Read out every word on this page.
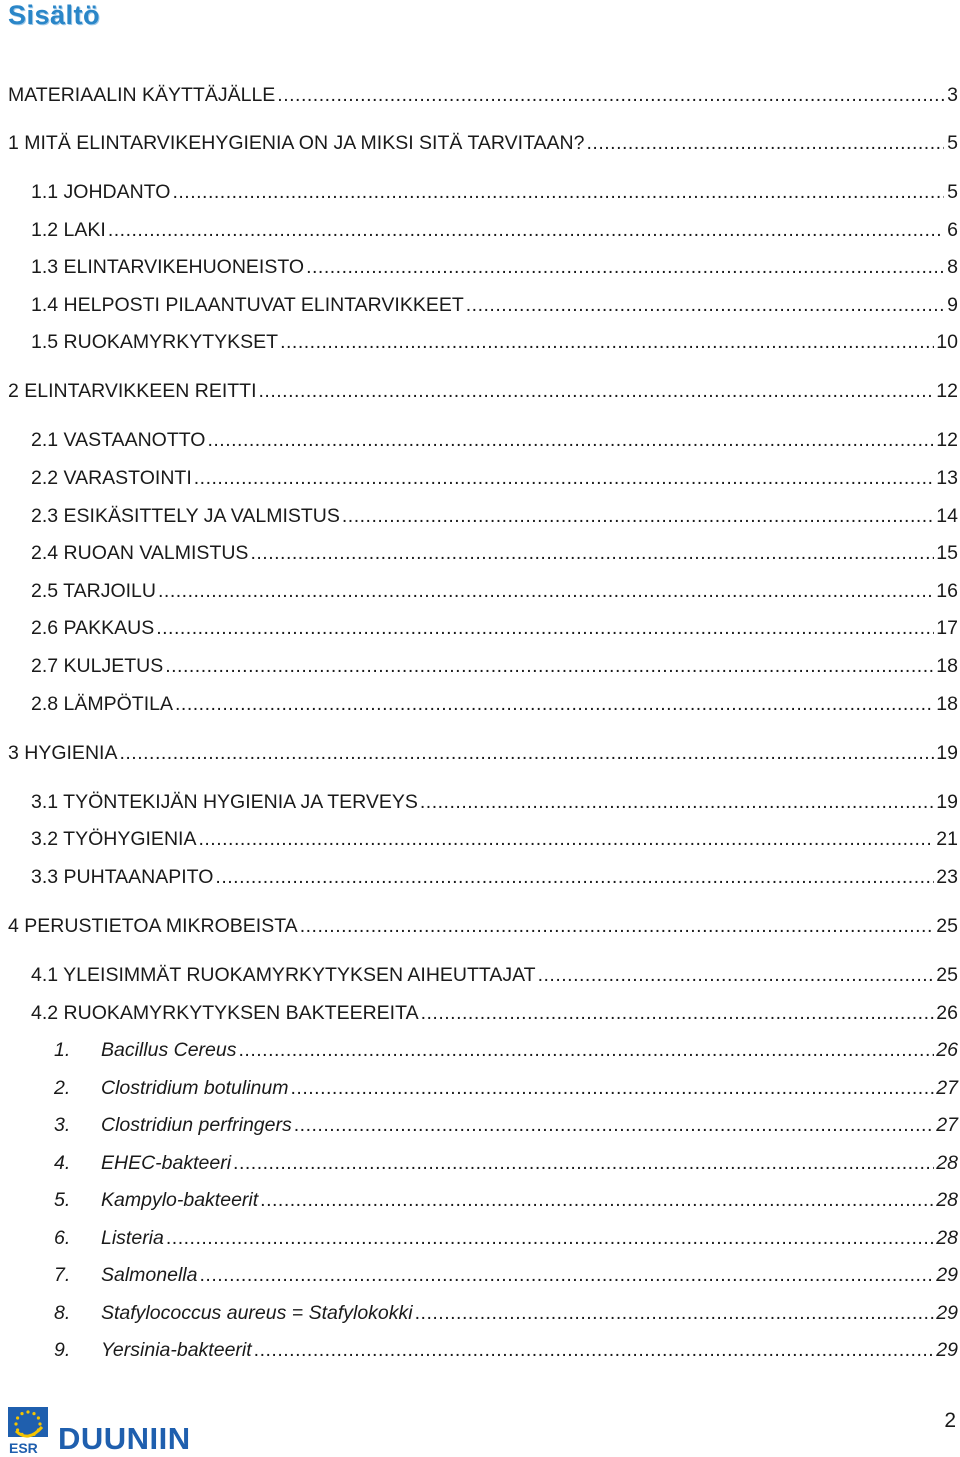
Sisältö
MATERIAALIN KÄYTTÄJÄLLE .....	3
1 MITÄ ELINTARVIKEHYGIENIA ON JA MIKSI SITÄ TARVITAAN? .....	5
1.1 JOHDANTO .....	5
1.2 LAKI .....	6
1.3 ELINTARVIKEHUONEISTO .....	8
1.4 HELPOSTI PILAANTUVAT ELINTARVIKKEET .....	9
1.5 RUOKAMYRKYTYKSET .....	10
2 ELINTARVIKKEEN REITTI .....	12
2.1 VASTAANOTTO .....	12
2.2 VARASTOINTI .....	13
2.3 ESIKÄSITTELY JA VALMISTUS .....	14
2.4 RUOAN VALMISTUS .....	15
2.5 TARJOILU .....	16
2.6 PAKKAUS .....	17
2.7 KULJETUS .....	18
2.8 LÄMPÖTILA .....	18
3 HYGIENIA .....	19
3.1 TYÖNTEKIJÄN HYGIENIA JA TERVEYS .....	19
3.2 TYÖHYGIENIA .....	21
3.3 PUHTAANAPITO .....	23
4 PERUSTIETOA MIKROBEISTA .....	25
4.1 YLEISIMMÄT RUOKAMYRKYTYKSEN AIHEUTTAJAT .....	25
4.2 RUOKAMYRKYTYKSEN BAKTEEREITA .....	26
1.	Bacillus Cereus .....	26
2.	Clostridium botulinum .....	27
3.	Clostridiun perfringers .....	27
4.	EHEC-bakteeri .....	28
5.	Kampylo-bakteerit .....	28
6.	Listeria .....	28
7.	Salmonella .....	29
8.	Stafylococcus aureus = Stafylokokki .....	29
9.	Yersinia-bakteerit .....	29
ESR DUUNIIN
2
